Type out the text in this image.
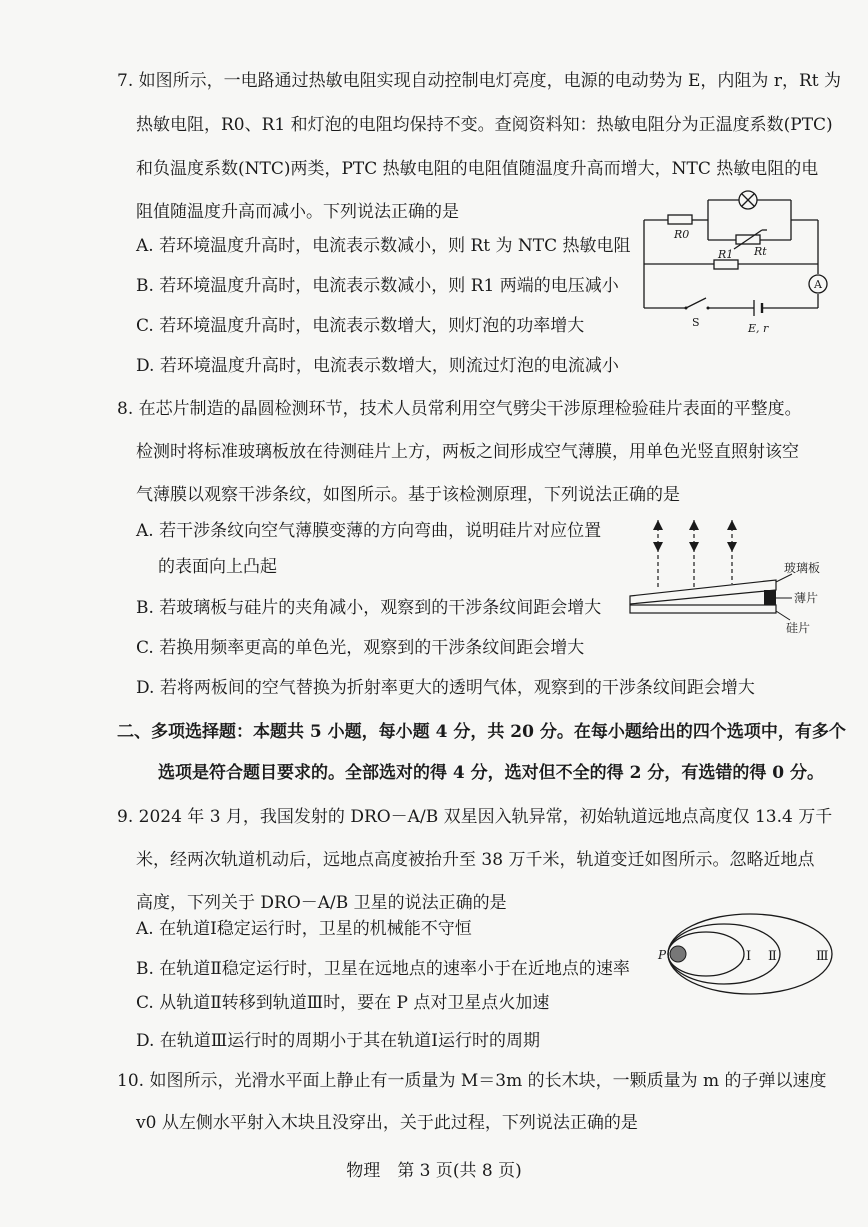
7. 如图所示，一电路通过热敏电阻实现自动控制电灯亮度，电源的电动势为 E，内阻为 r，Rt 为
热敏电阻，R0、R1 和灯泡的电阻均保持不变。查阅资料知：热敏电阻分为正温度系数(PTC)
和负温度系数(NTC)两类，PTC 热敏电阻的电阻值随温度升高而增大，NTC 热敏电阻的电
阻值随温度升高而减小。下列说法正确的是
A. 若环境温度升高时，电流表示数减小，则 Rt 为 NTC 热敏电阻
B. 若环境温度升高时，电流表示数减小，则 R1 两端的电压减小
C. 若环境温度升高时，电流表示数增大，则灯泡的功率增大
D. 若环境温度升高时，电流表示数增大，则流过灯泡的电流减小
R0
Rt
R1
A
S	E, r
8. 在芯片制造的晶圆检测环节，技术人员常利用空气劈尖干涉原理检验硅片表面的平整度。
检测时将标准玻璃板放在待测硅片上方，两板之间形成空气薄膜，用单色光竖直照射该空
气薄膜以观察干涉条纹，如图所示。基于该检测原理，下列说法正确的是
A. 若干涉条纹向空气薄膜变薄的方向弯曲，说明硅片对应位置
的表面向上凸起
B. 若玻璃板与硅片的夹角减小，观察到的干涉条纹间距会增大
C. 若换用频率更高的单色光，观察到的干涉条纹间距会增大
D. 若将两板间的空气替换为折射率更大的透明气体，观察到的干涉条纹间距会增大
玻璃板
薄片
硅片
二、多项选择题：本题共 5 小题，每小题 4 分，共 20 分。在每小题给出的四个选项中，有多个
选项是符合题目要求的。全部选对的得 4 分，选对但不全的得 2 分，有选错的得 0 分。
9. 2024 年 3 月，我国发射的 DRO－A/B 双星因入轨异常，初始轨道远地点高度仅 13.4 万千
米，经两次轨道机动后，远地点高度被抬升至 38 万千米，轨道变迁如图所示。忽略近地点
高度，下列关于 DRO－A/B 卫星的说法正确的是
A. 在轨道Ⅰ稳定运行时，卫星的机械能不守恒
B. 在轨道Ⅱ稳定运行时，卫星在远地点的速率小于在近地点的速率
C. 从轨道Ⅱ转移到轨道Ⅲ时，要在 P 点对卫星点火加速
D. 在轨道Ⅲ运行时的周期小于其在轨道Ⅰ运行时的周期
P	Ⅰ Ⅱ	Ⅲ
10. 如图所示，光滑水平面上静止有一质量为 M＝3m 的长木块，一颗质量为 m 的子弹以速度
v0 从左侧水平射入木块且没穿出，关于此过程，下列说法正确的是
物理　第 3 页(共 8 页)
